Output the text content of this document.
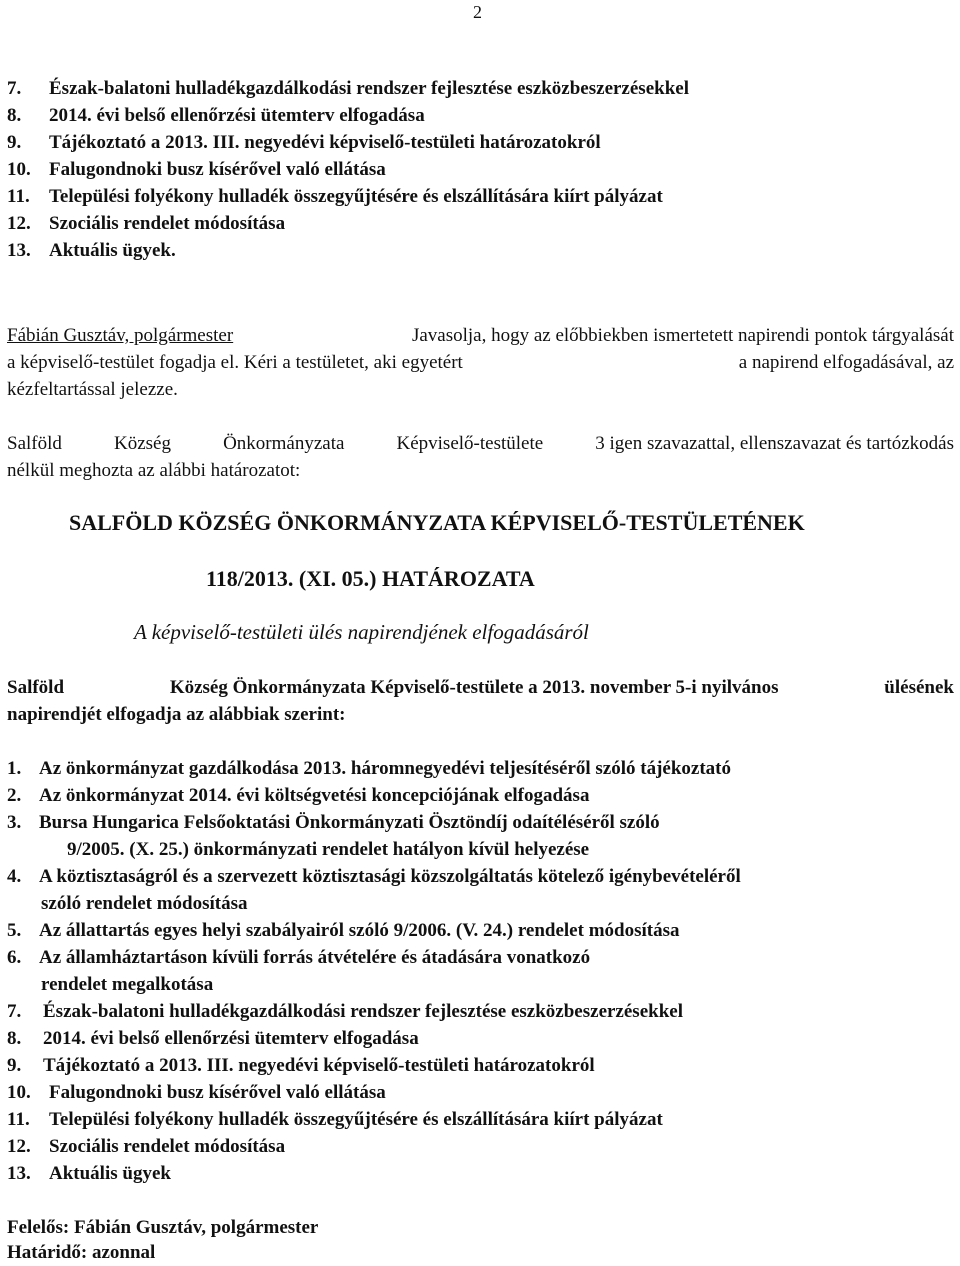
2
7. Észak-balatoni hulladékgazdálkodási rendszer fejlesztése eszközbeszerzésekkel
8. 2014. évi belső ellenőrzési ütemterv elfogadása
9. Tájékoztató a 2013. III. negyedévi képviselő-testületi határozatokról
10. Falugondnoki busz kísérővel való ellátása
11. Települési folyékony hulladék összegyűjtésére és elszállítására kiírt pályázat
12. Szociális rendelet módosítása
13. Aktuális ügyek.
Fábián Gusztáv, polgármester	Javasolja, hogy az előbbiekben ismertetett napirendi pontok tárgyalását
a képviselő-testület fogadja el. Kéri a testületet, aki egyetért	a napirend elfogadásával, az
kézfeltartással jelezze.
Salföld	Község	Önkormányzata	Képviselő-testülete	3 igen szavazattal, ellenszavazat és tartózkodás
nélkül meghozta az alábbi határozatot:
SALFÖLD KÖZSÉG ÖNKORMÁNYZATA KÉPVISELŐ-TESTÜLETÉNEK
118/2013. (XI. 05.) HATÁROZATA
A képviselő-testületi ülés napirendjének elfogadásáról
Salföld	Község Önkormányzata Képviselő-testülete a 2013. november 5-i nyilvános	ülésének
napirendjét elfogadja az alábbiak szerint:
1. Az önkormányzat gazdálkodása 2013. háromnegyedévi teljesítéséről szóló tájékoztató
2. Az önkormányzat 2014. évi költségvetési koncepciójának elfogadása
3. Bursa Hungarica Felsőoktatási Önkormányzati Ösztöndíj odaítéléséről szóló
9/2005. (X. 25.) önkormányzati rendelet hatályon kívül helyezése
4. A köztisztaságról és a szervezett köztisztasági közszolgáltatás kötelező igénybevételéről
szóló rendelet módosítása
5. Az állattartás egyes helyi szabályairól szóló 9/2006. (V. 24.) rendelet módosítása
6. Az államháztartáson kívüli forrás átvételére és átadására vonatkozó
rendelet megalkotása
7. Észak-balatoni hulladékgazdálkodási rendszer fejlesztése eszközbeszerzésekkel
8. 2014. évi belső ellenőrzési ütemterv elfogadása
9. Tájékoztató a 2013. III. negyedévi képviselő-testületi határozatokról
10. Falugondnoki busz kísérővel való ellátása
11. Települési folyékony hulladék összegyűjtésére és elszállítására kiírt pályázat
12. Szociális rendelet módosítása
13. Aktuális ügyek
Felelős: Fábián Gusztáv, polgármester
Határidő: azonnal
